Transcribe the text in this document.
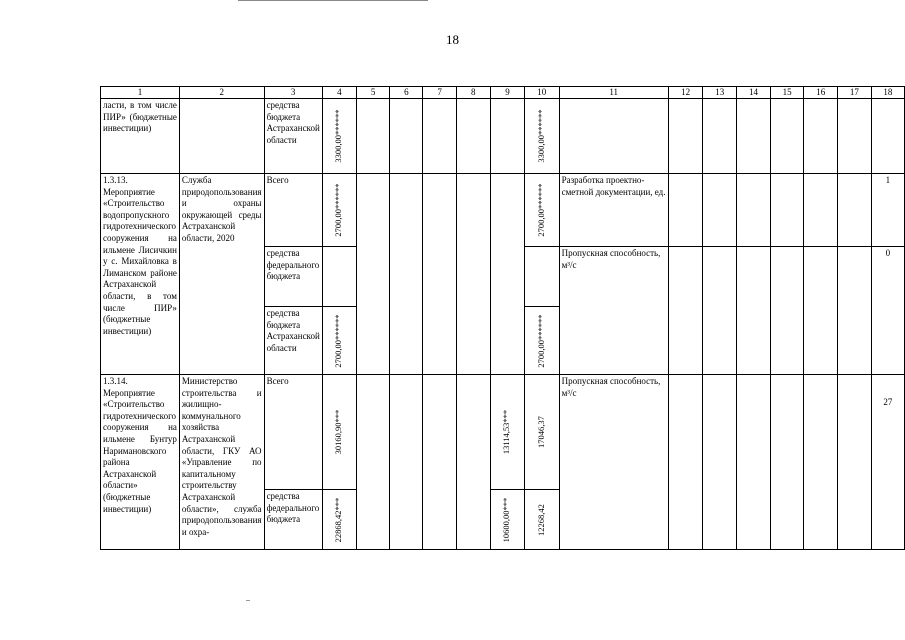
18
1	2	3	4	5	6	7	8	9	10	11	12	13	14	15	16	17	18
ласти, в том числе ПИР» (бюджетные инвестиции)		средства бюджета Астраханской области	3300,00******						3300,00******								

1.3.13. Мероприятие «Строительство водопропускного гидротехнического сооружения на ильмене Лисичкин у с. Михайловка в Лиманском районе Астраханской области, в том числе ПИР» (бюджетные инвестиции)	Служба природопользования и охраны окружающей среды Астраханской области, 2020	Всего	2700,00******						2700,00******	Разработка проектно-сметной документации, ед.							1
		средства федерального бюджета								Пропускная способность, м³/с							0
		средства бюджета Астраханской области	2700,00******						2700,00******								

1.3.14. Мероприятие «Строительство гидротехнического сооружения на ильмене Бунтур Наримановского района Астраханской области» (бюджетные инвестиции)	Министерство строительства и жилищно-коммунального хозяйства Астраханской области, ГКУ АО «Управление по капитальному строительству Астраханской области», служба природопользования и охра-	Всего	30160,90***					13114,53***	17046,37	Пропускная способность, м³/с							27
		средства федерального бюджета	22868,42***					10600,00***	12268,42								
